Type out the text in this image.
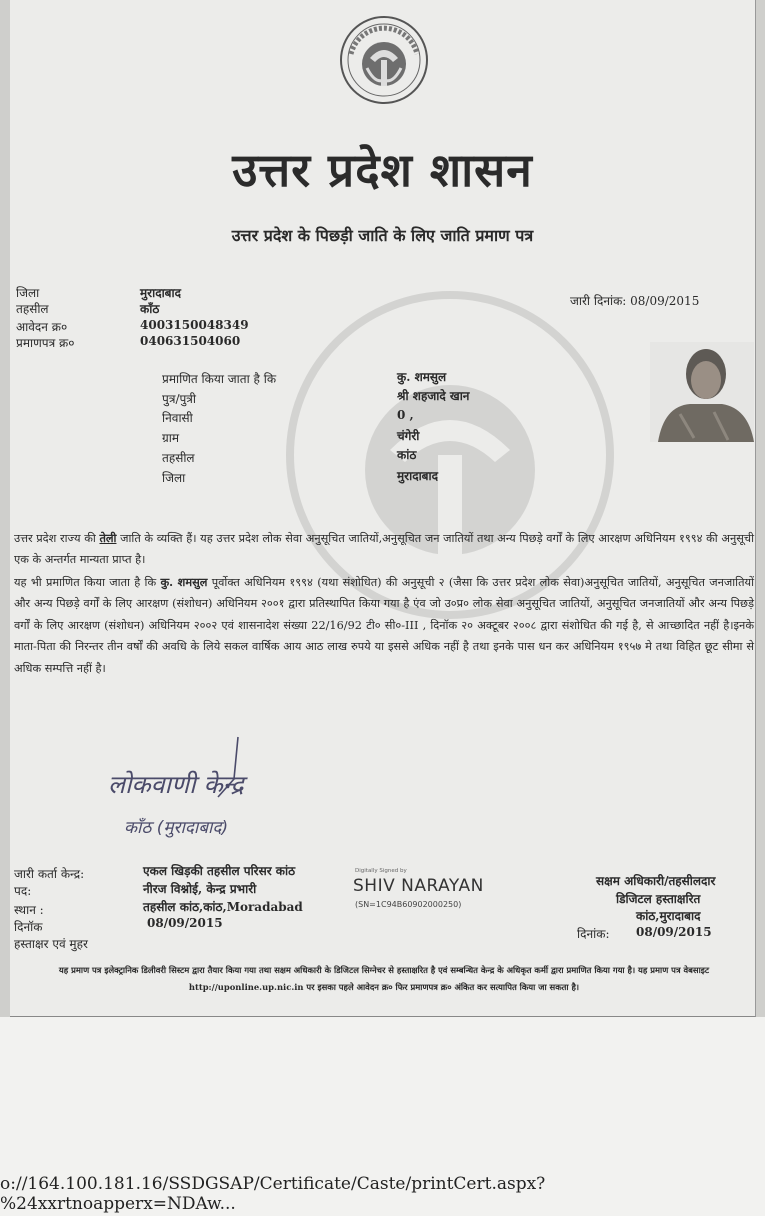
उत्तर प्रदेश शासन
उत्तर प्रदेश के पिछड़ी जाति के लिए जाति प्रमाण पत्र
जिला	मुरादाबाद
तहसील	काँठ
आवेदन क्र०	4003150048349
प्रमाणपत्र क्र०	040631504060
जारी दिनांक: 08/09/2015
प्रमाणित किया जाता है कि	कु. शमसुल
पुत्र/पुत्री	श्री शहजादे खान
निवासी	0 ,
ग्राम	चंगेरी
तहसील	कांठ
जिला	मुरादाबाद

उत्तर प्रदेश राज्य की तेली जाति के व्यक्ति हैं। यह उत्तर प्रदेश लोक सेवा अनुसूचित जातियों,अनुसूचित जन जातियों तथा अन्य पिछड़े वर्गों के लिए आरक्षण अधिनियम १९९४ की अनुसूची एक के अन्तर्गत मान्यता प्राप्त है।

यह भी प्रमाणित किया जाता है कि कु. शमसुल पूर्वोक्त अधिनियम १९९४ (यथा संशोधित) की अनुसूची २ (जैसा कि उत्तर प्रदेश लोक सेवा)अनुसूचित जातियों, अनुसूचित जनजातियों और अन्य पिछड़े वर्गों के लिए आरक्षण (संशोधन) अधिनियम २००१ द्वारा प्रतिस्थापित किया गया है एंव जो उ०प्र० लोक सेवा अनुसूचित जातियों, अनुसूचित जनजातियों और अन्य पिछड़े वर्गों के लिए आरक्षण (संशोधन) अधिनियम २००२ एवं शासनादेश संख्या 22/16/92 टी० सी०-III , दिनॉक २० अक्टूबर २००८ द्वारा संशोधित की गई है, से आच्छादित नहीं है।इनके माता-पिता की निरन्तर तीन वर्षों की अवधि के लिये सकल वार्षिक आय आठ लाख रुपये या इससे अधिक नहीं है तथा इनके पास धन कर अधिनियम १९५७ मे तथा विहित छूट सीमा से अधिक सम्पत्ति नहीं है।

लोकवाणी केन्द्र
काँठ (मुरादाबाद)
जारी कर्ता केन्द्र:	एकल खिड़की तहसील परिसर कांठ
पद:	नीरज विश्नोई, केन्द्र प्रभारी
स्थान :	तहसील कांठ,कांठ,Moradabad
दिनॉक	08/09/2015
हस्ताक्षर एवं मुहर
Digitally Signed by
SHIV NARAYAN
(SN=1C94B60902000250)
सक्षम अधिकारी/तहसीलदार
डिजिटल हस्ताक्षरित
कांठ,मुरादाबाद
दिनांक: 08/09/2015
यह प्रमाण पत्र इलेक्ट्रानिक डिलीवरी सिस्टम द्वारा तैयार किया गया तथा सक्षम अधिकारी के डिजिटल सिग्नेचर से हस्ताक्षरित है एवं सम्बन्धित केन्द्र के अधिकृत कर्मी द्वारा प्रमाणित किया गया है। यह प्रमाण पत्र वेबसाइट http://uponline.up.nic.in पर इसका पहले आवेदन क्र० फिर प्रमाणपत्र क्र० अंकित कर सत्यापित किया जा सकता है।
o://164.100.181.16/SSDGSAP/Certificate/Caste/printCert.aspx?%24xxrtnoapperx=NDAw...
